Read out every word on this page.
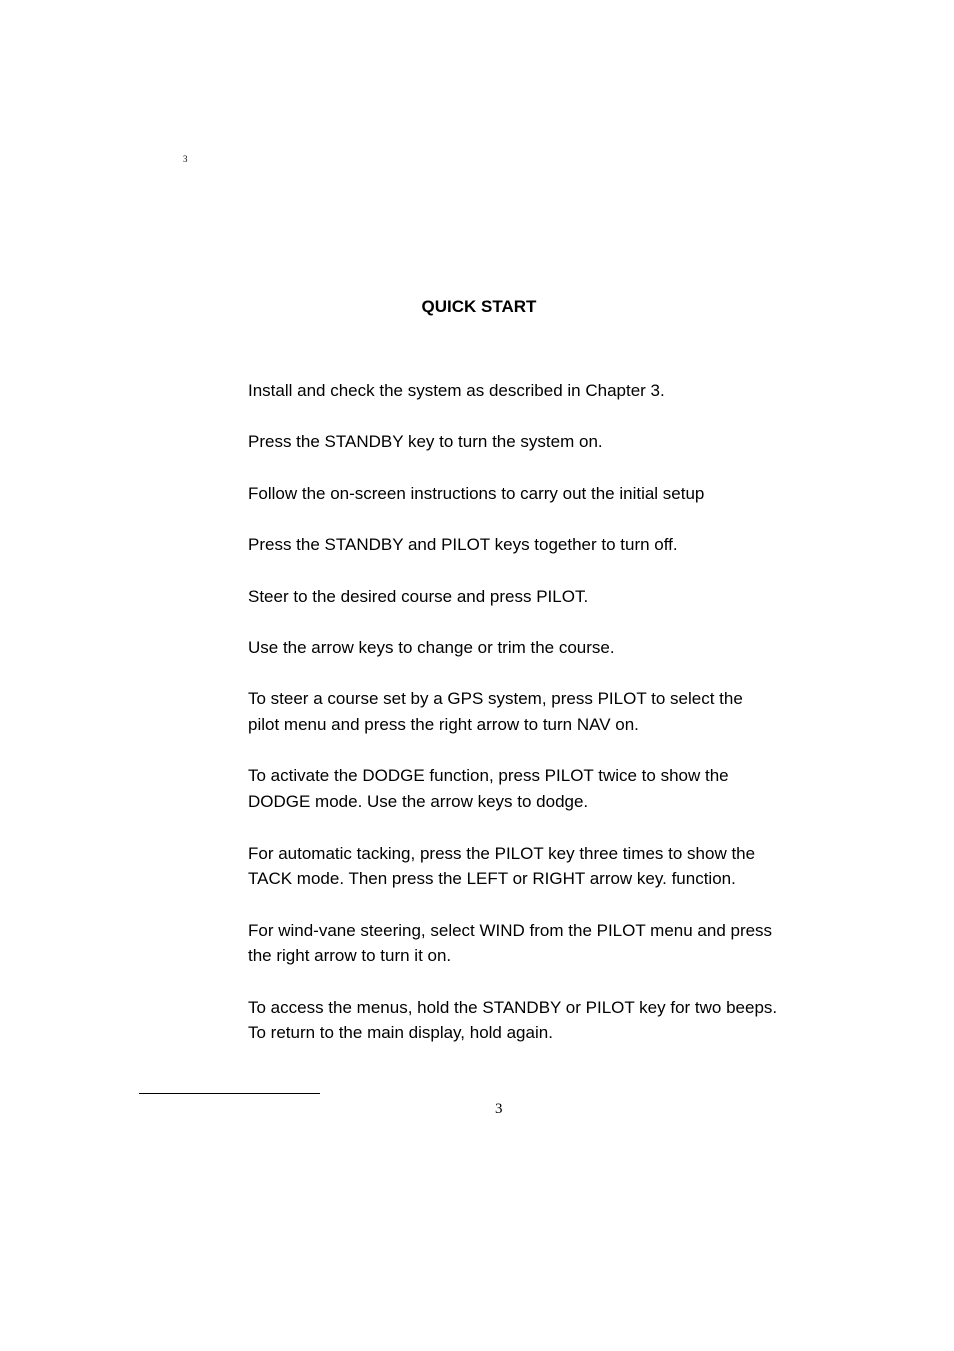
3
QUICK START

Install and check the system as described in Chapter 3.

Press the STANDBY key to turn the system on.

Follow the on-screen instructions to carry out the initial setup

Press the STANDBY and PILOT keys together to turn off.

Steer to the desired course and press PILOT.

Use the arrow keys to change or trim the course.

To steer a course set by a GPS system, press PILOT to select the pilot menu and press the right arrow to turn NAV on.

To activate the DODGE function, press PILOT twice to show the DODGE mode. Use the arrow keys to dodge.

For automatic tacking, press the PILOT key three times to show the TACK mode. Then press the LEFT or RIGHT arrow key. function.

For wind-vane steering, select WIND from the PILOT menu and press the right arrow to turn it on.

To access the menus, hold the STANDBY or PILOT key for two beeps. To return to the main display, hold again.

3
